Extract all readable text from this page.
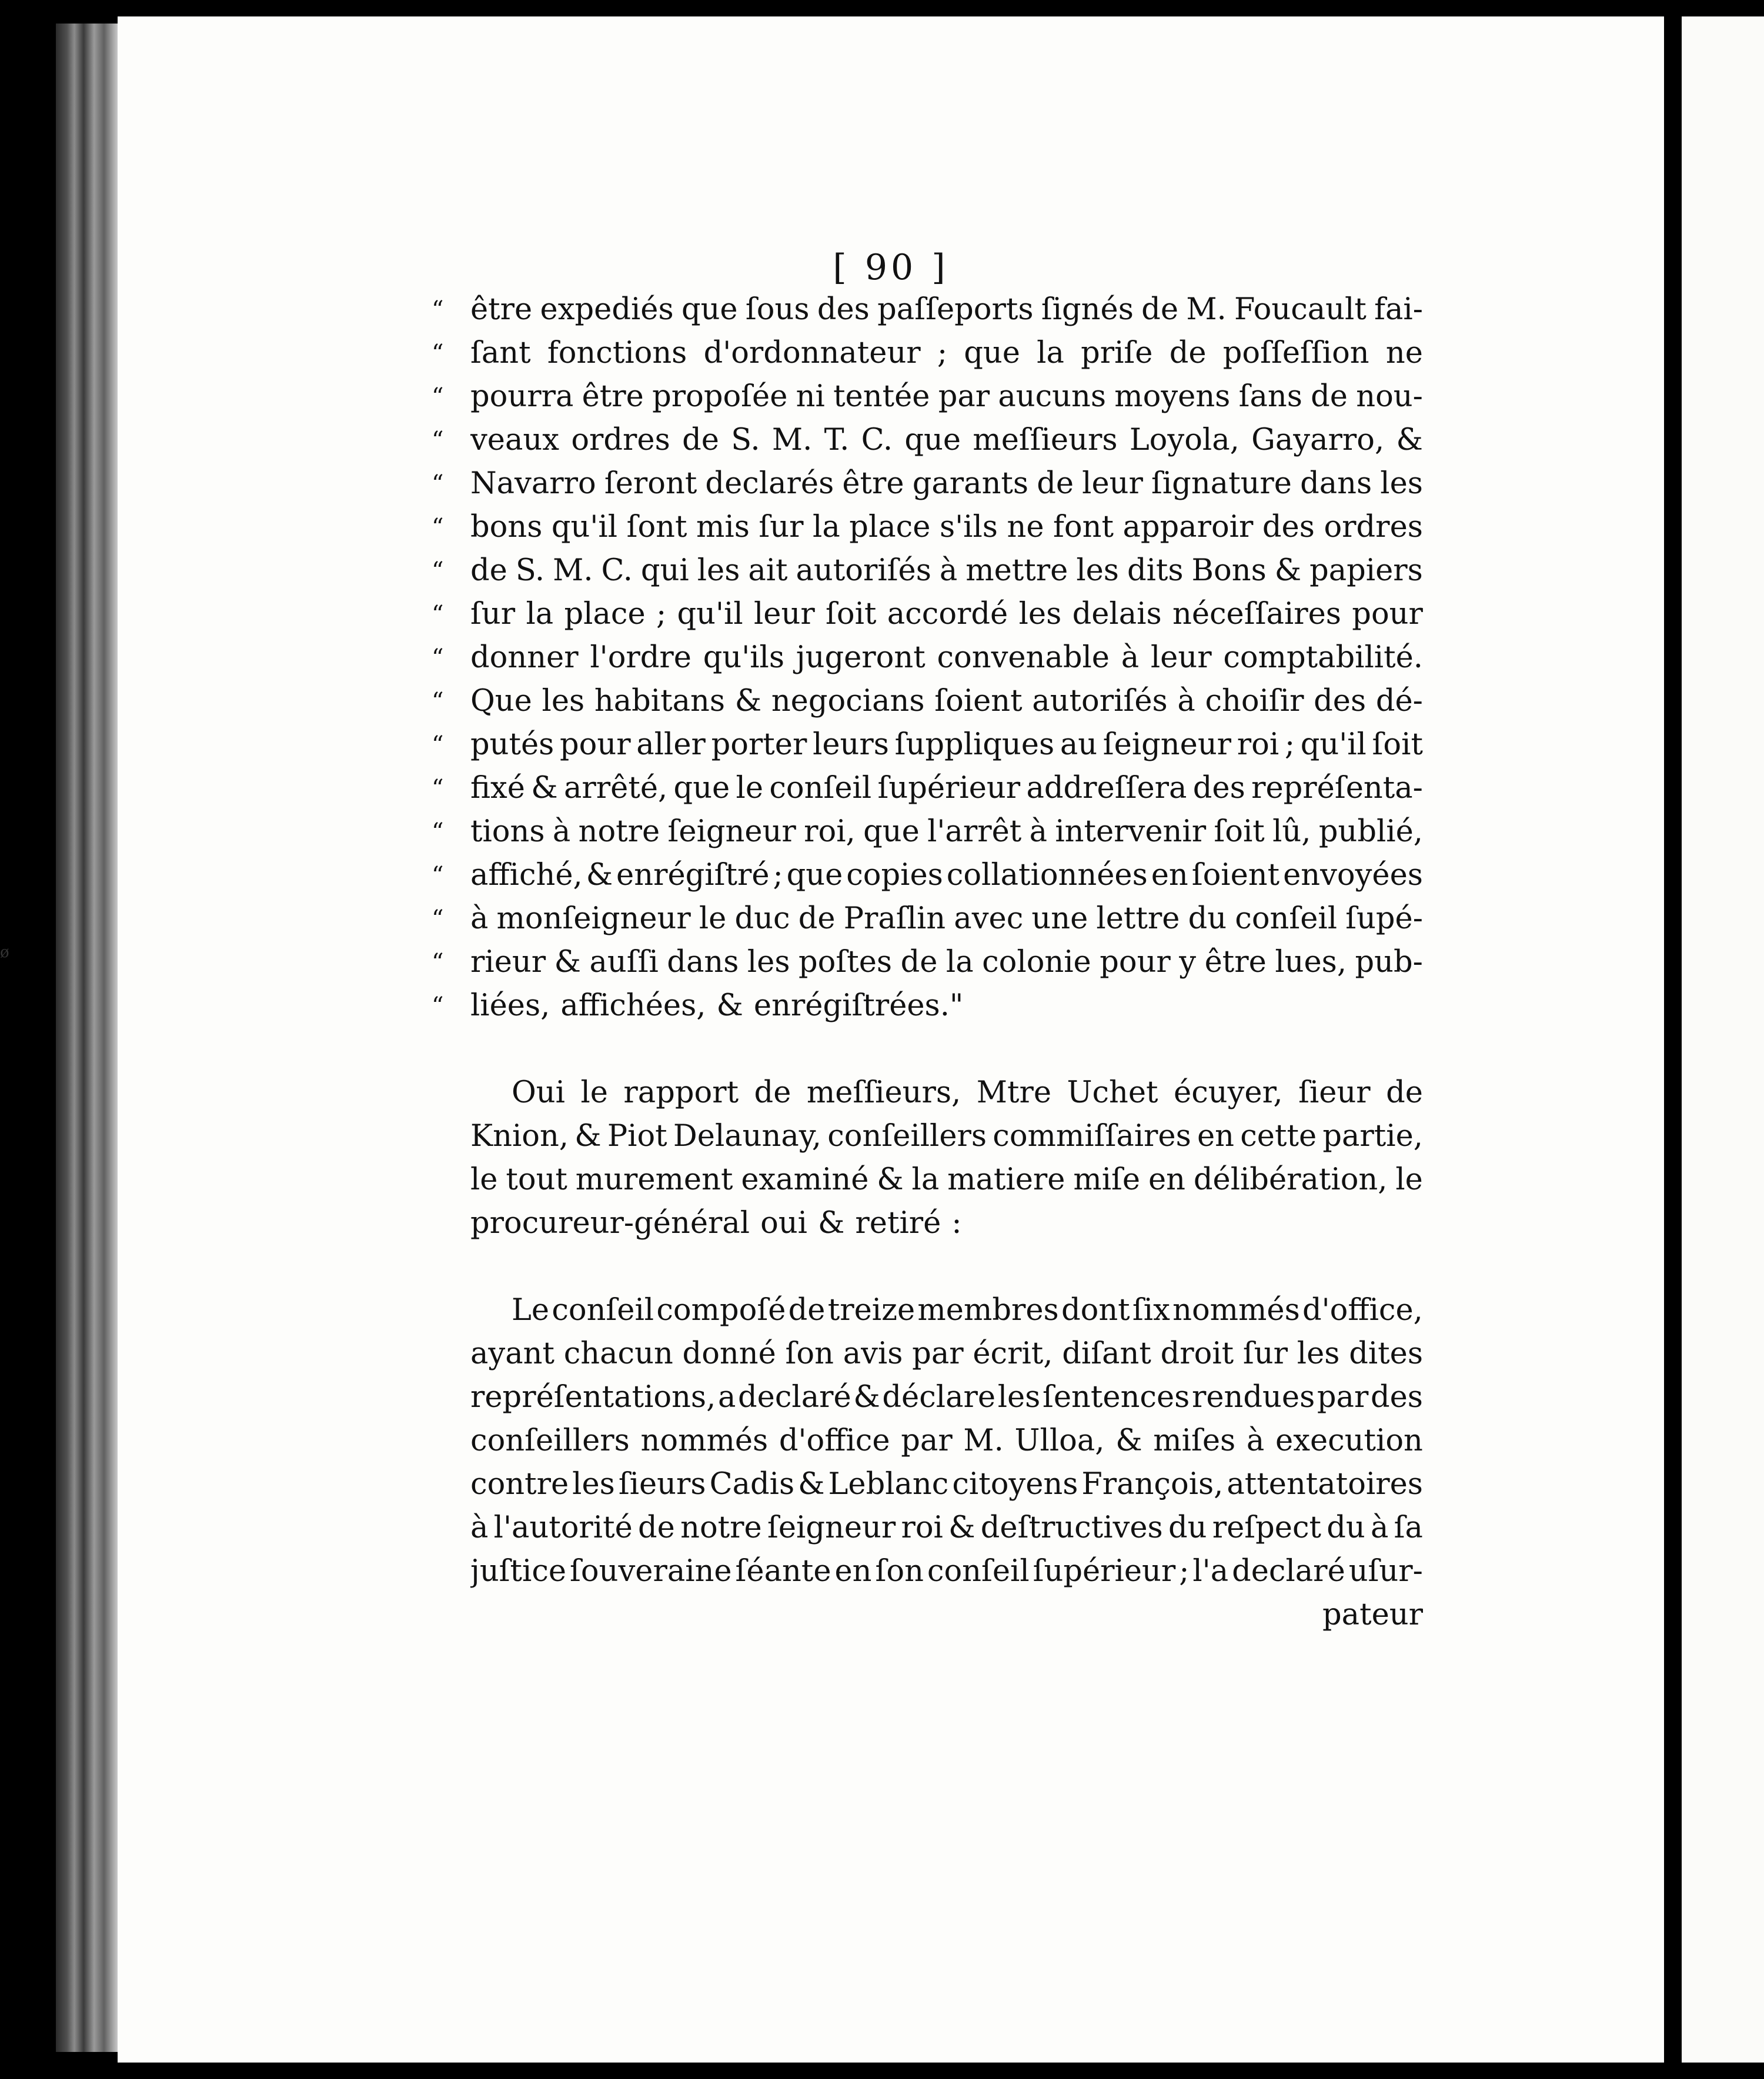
ø
[ 90 ]
“ être expediés que ſous des paſſeports ſignés de M. Foucault fai-
“ ſant fonctions d'ordonnateur ; que la priſe de poſſeſſion ne
“ pourra être propoſée ni tentée par aucuns moyens ſans de nou-
“ veaux ordres de S. M. T. C. que meſſieurs Loyola, Gayarro, &
“ Navarro ſeront declarés être garants de leur ſignature dans les
“ bons qu'il ſont mis ſur la place s'ils ne font apparoir des ordres
“ de S. M. C. qui les ait autoriſés à mettre les dits Bons & papiers
“ ſur la place ; qu'il leur ſoit accordé les delais néceſſaires pour
“ donner l'ordre qu'ils jugeront convenable à leur comptabilité.
“ Que les habitans & negocians ſoient autoriſés à choiſir des dé-
“ putés pour aller porter leurs ſuppliques au ſeigneur roi ; qu'il ſoit
“ fixé & arrêté, que le conſeil ſupérieur addreſſera des repréſenta-
“ tions à notre ſeigneur roi, que l'arrêt à intervenir ſoit lû, publié,
“ affiché, & enrégiſtré ; que copies collationnées en ſoient envoyées
“ à monſeigneur le duc de Praſlin avec une lettre du conſeil ſupé-
“ rieur & auſſi dans les poſtes de la colonie pour y être lues, pub-
“ liées, affichées, & enrégiſtrées."
Oui le rapport de meſſieurs, Mtre Uchet écuyer, ſieur de
Knion, & Piot Delaunay, conſeillers commiſſaires en cette partie,
le tout murement examiné & la matiere miſe en délibération, le
procureur-général oui & retiré :
Le conſeil compoſé de treize membres dont ſix nommés d'office,
ayant chacun donné ſon avis par écrit, diſant droit ſur les dites
repréſentations, a declaré & déclare les ſentences rendues par des
conſeillers nommés d'office par M. Ulloa, & miſes à execution
contre les ſieurs Cadis & Leblanc citoyens François, attentatoires
à l'autorité de notre ſeigneur roi & deſtructives du reſpect du à ſa
juſtice ſouveraine ſéante en ſon conſeil ſupérieur ; l'a declaré uſur-
pateur
